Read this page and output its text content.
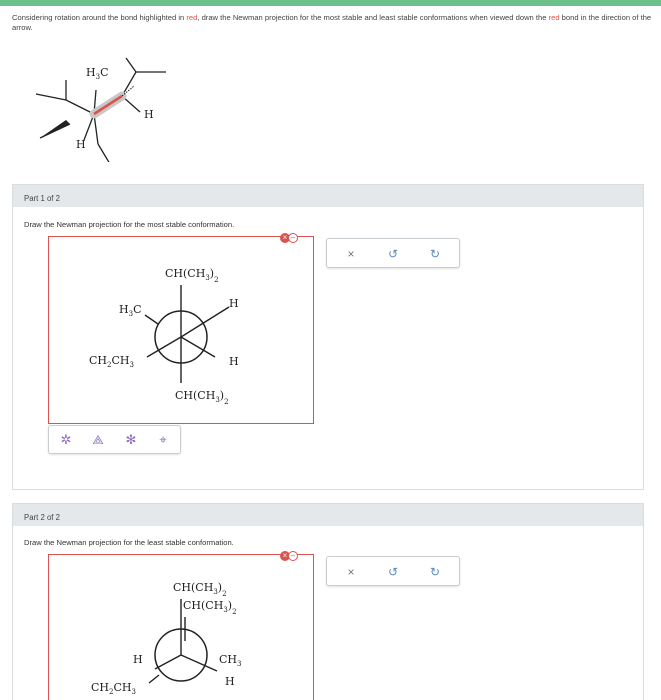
Considering rotation around the bond highlighted in red, draw the Newman projection for the most stable and least stable conformations when viewed down the red bond in the direction of the arrow.

$H_3C$
H
H
Part 1 of 2

Draw the Newman projection for the most stable conformation.

$CH(CH_3)_2$
H
$H_3C$
$CH_2CH_3$	H
$CH(CH_3)_2$
× –
✲	⟁	✻	⌖
×	↺	↻
Part 2 of 2

Draw the Newman projection for the least stable conformation.

$CH(CH_3)_2$
$CH(CH_3)_2$
H	$CH_3$
H
$CH_2CH_3$
× –
×	↺	↻
